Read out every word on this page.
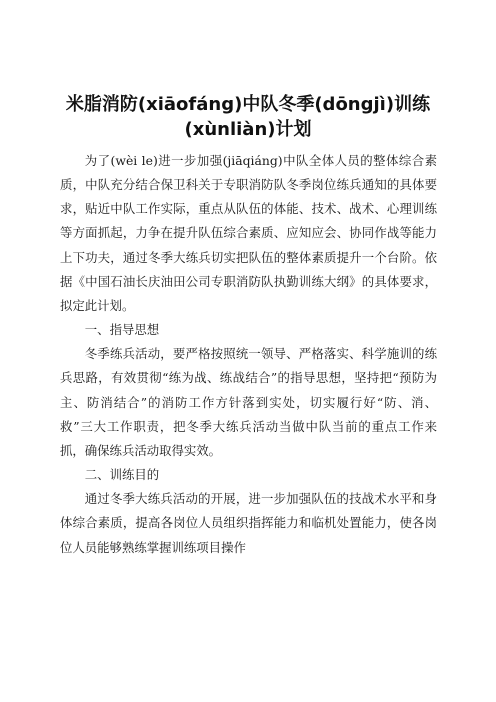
米脂消防(xiāofáng)中队冬季(dōngjì)训练(xùnliàn)计划

为了(wèi le)进一步加强(jiāqiáng)中队全体人员的整体综合素质，中队充分结合保卫科关于专职消防队冬季岗位练兵通知的具体要求，贴近中队工作实际，重点从队伍的体能、技术、战术、心理训练等方面抓起，力争在提升队伍综合素质、应知应会、协同作战等能力上下功夫，通过冬季大练兵切实把队伍的整体素质提升一个台阶。依据《中国石油长庆油田公司专职消防队执勤训练大纲》的具体要求，拟定此计划。

一、指导思想

冬季练兵活动，要严格按照统一领导、严格落实、科学施训的练兵思路，有效贯彻“练为战、练战结合”的指导思想，坚持把“预防为主、防消结合”的消防工作方针落到实处，切实履行好“防、消、救”三大工作职责，把冬季大练兵活动当做中队当前的重点工作来抓，确保练兵活动取得实效。

二、训练目的

通过冬季大练兵活动的开展，进一步加强队伍的技战术水平和身体综合素质，提高各岗位人员组织指挥能力和临机处置能力，使各岗位人员能够熟练掌握训练项目操作
